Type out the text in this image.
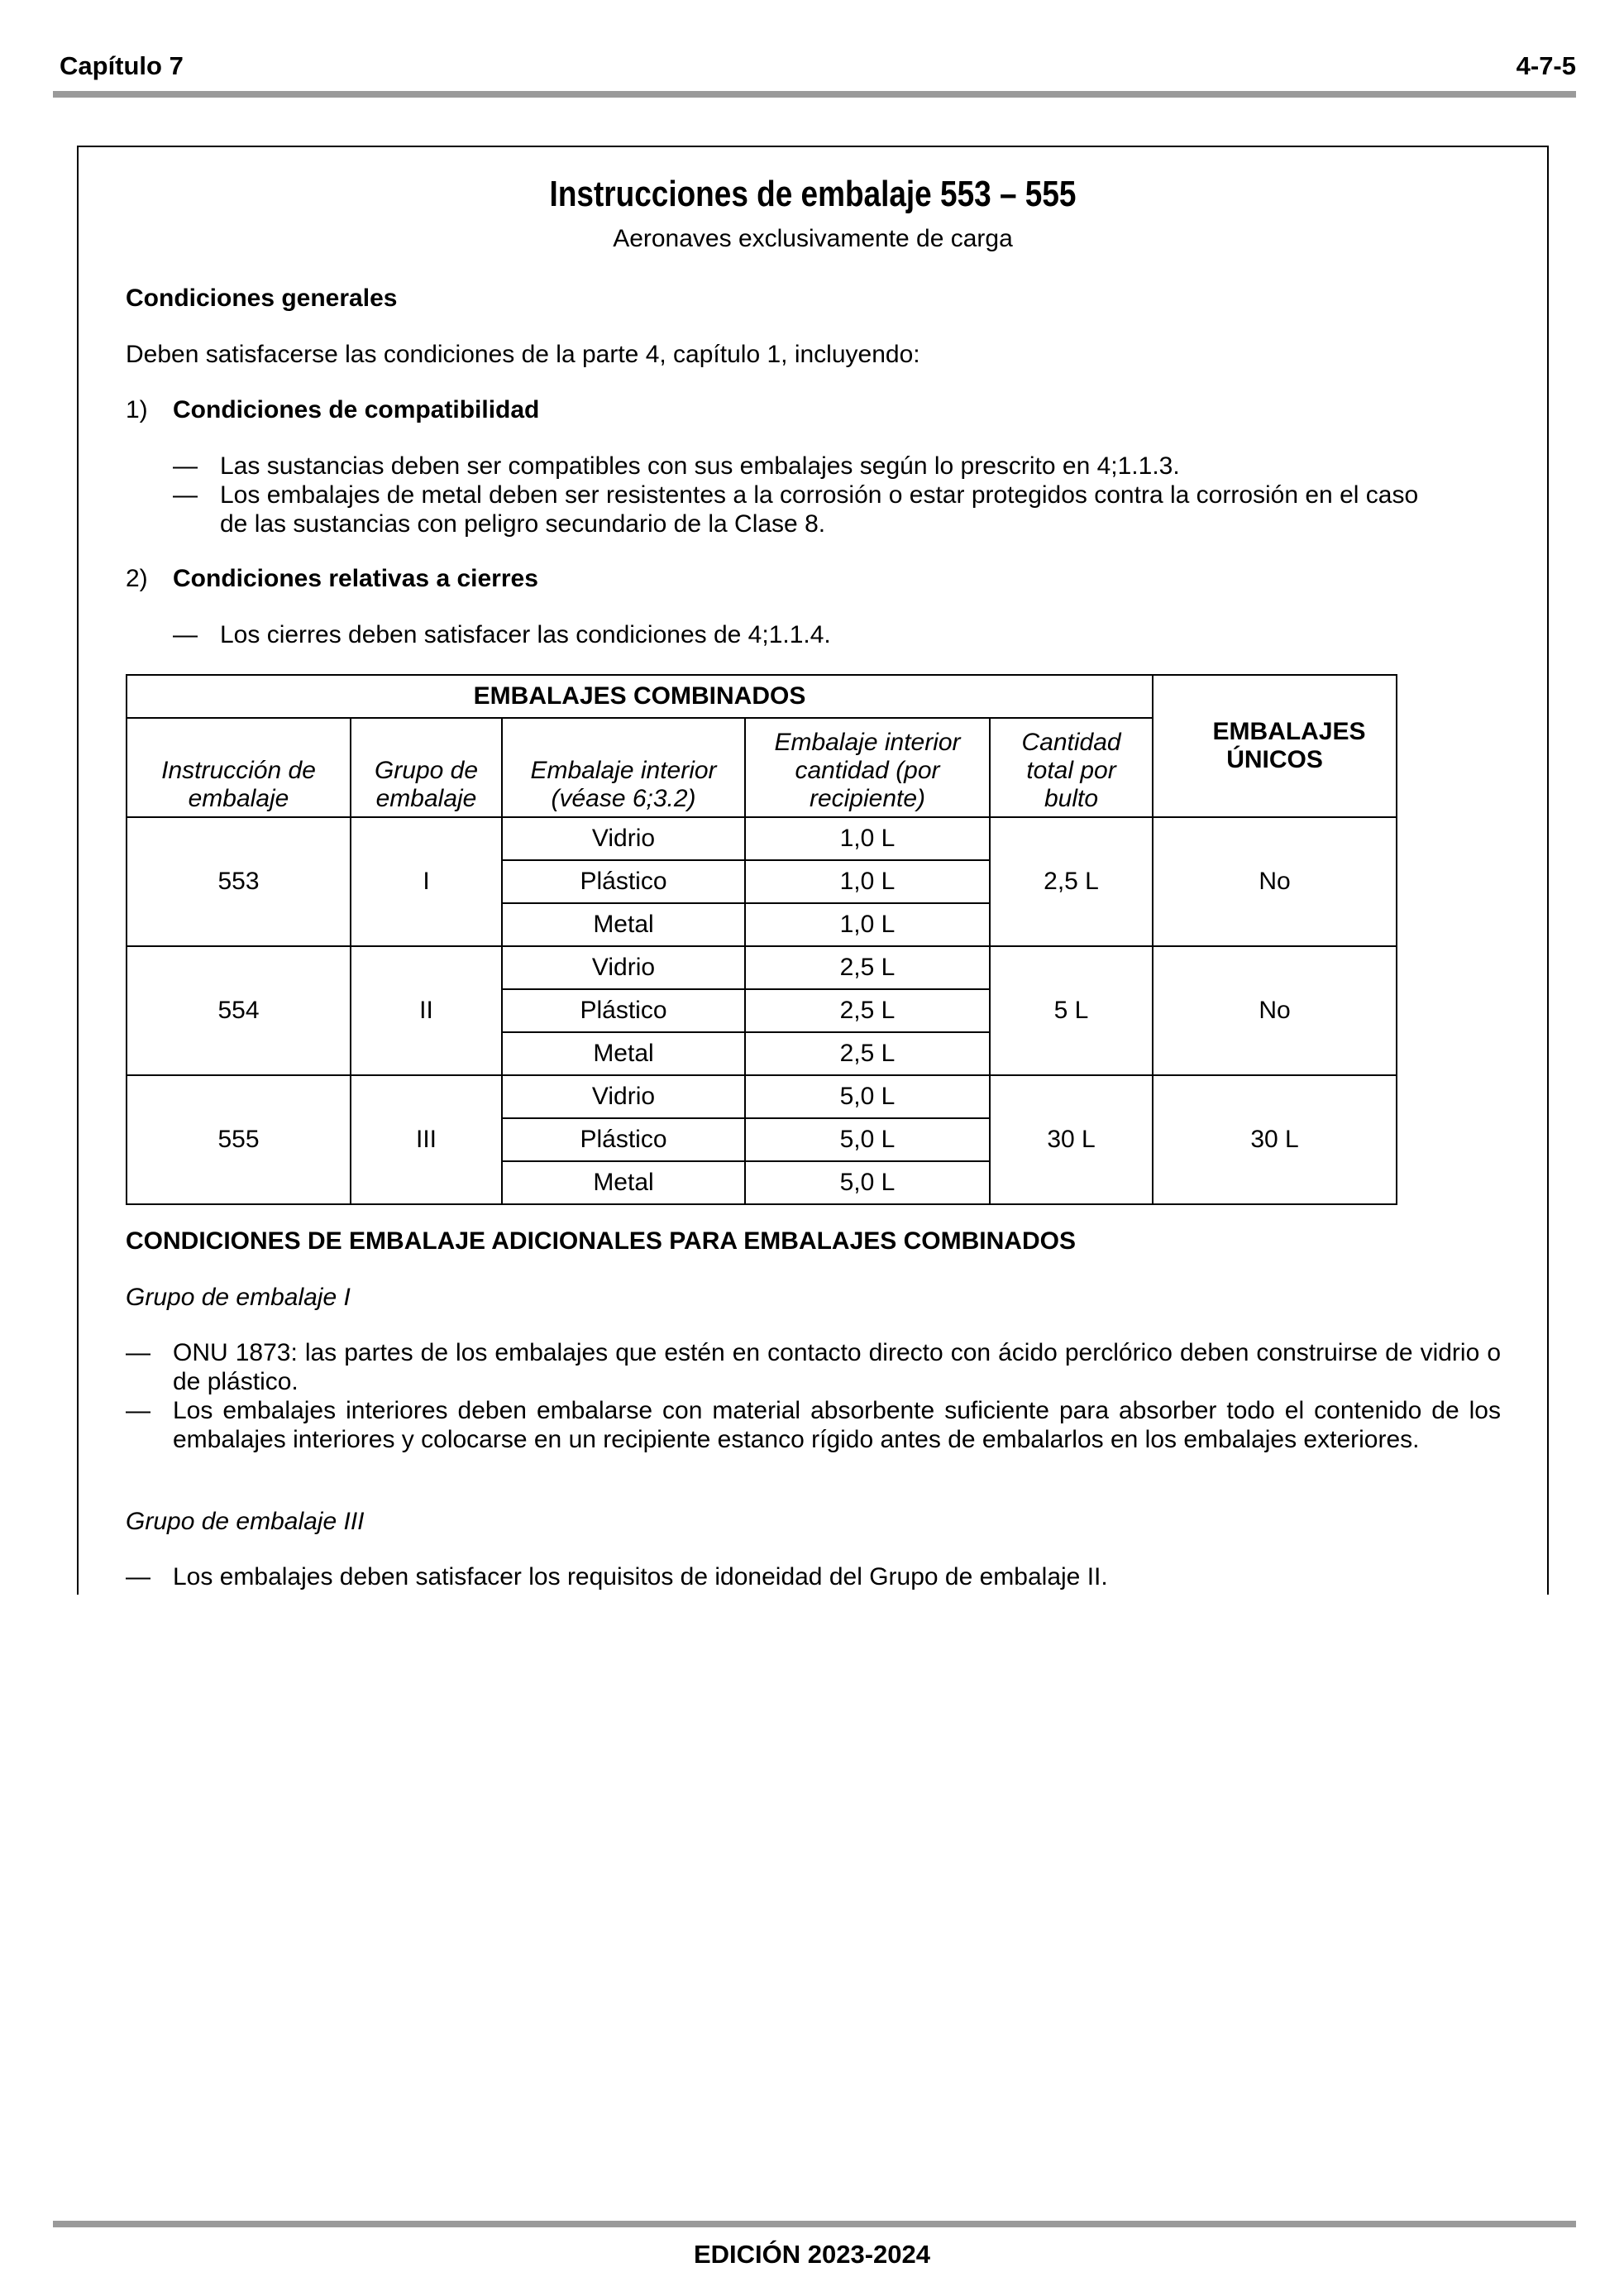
Capítulo 7	4-7-5
Instrucciones de embalaje 553 – 555
Aeronaves exclusivamente de carga
Condiciones generales
Deben satisfacerse las condiciones de la parte 4, capítulo 1, incluyendo:
1) Condiciones de compatibilidad
— Las sustancias deben ser compatibles con sus embalajes según lo prescrito en 4;1.1.3.
— Los embalajes de metal deben ser resistentes a la corrosión o estar protegidos contra la corrosión en el caso
de las sustancias con peligro secundario de la Clase 8.
2) Condiciones relativas a cierres
— Los cierres deben satisfacer las condiciones de 4;1.1.4.
EMBALAJES COMBINADOS					EMBALAJES ÚNICOS
Instrucción de embalaje	Grupo de embalaje	Embalaje interior (véase 6;3.2)	Embalaje interior cantidad (por recipiente)	Cantidad total por bulto	
553	I	Vidrio	1,0 L	2,5 L	No
		Plástico	1,0 L		
		Metal	1,0 L		
554	II	Vidrio	2,5 L	5 L	No
		Plástico	2,5 L		
		Metal	2,5 L		
555	III	Vidrio	5,0 L	30 L	30 L
		Plástico	5,0 L		
		Metal	5,0 L		
CONDICIONES DE EMBALAJE ADICIONALES PARA EMBALAJES COMBINADOS
Grupo de embalaje I
— ONU 1873: las partes de los embalajes que estén en contacto directo con ácido perclórico deben construirse de vidrio o de plástico.
— Los embalajes interiores deben embalarse con material absorbente suficiente para absorber todo el contenido de los embalajes interiores y colocarse en un recipiente estanco rígido antes de embalarlos en los embalajes exteriores.
Grupo de embalaje III
— Los embalajes deben satisfacer los requisitos de idoneidad del Grupo de embalaje II.
EDICIÓN 2023-2024
